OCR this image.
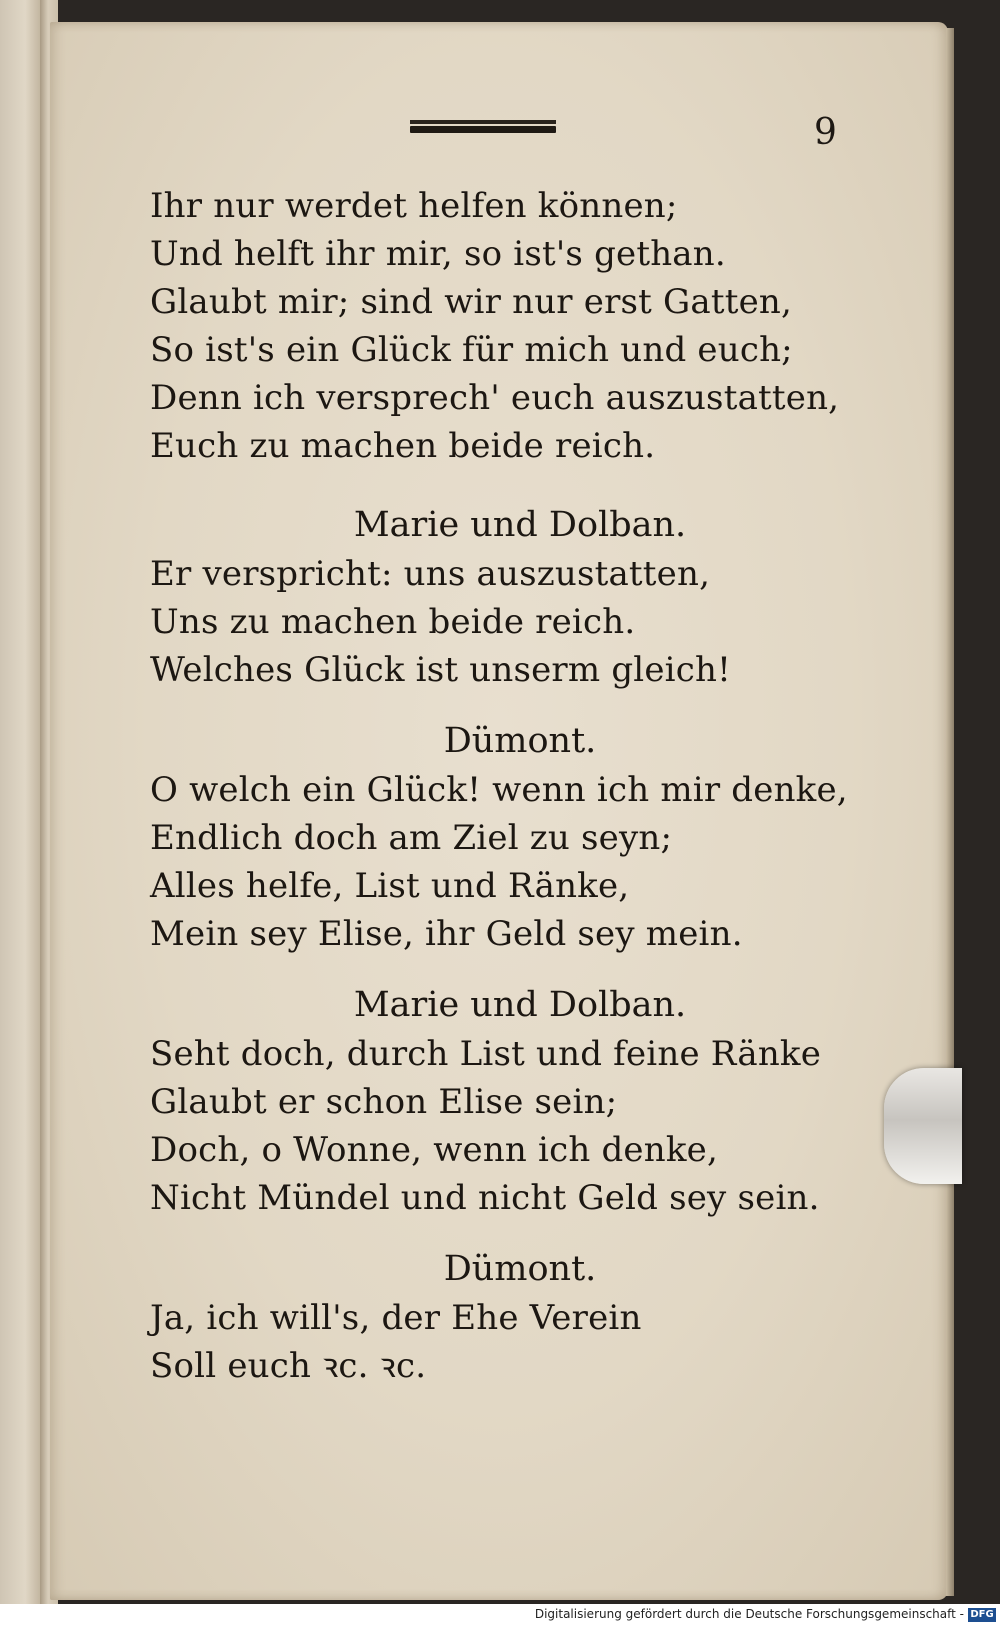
9
Ihr nur werdet helfen können;
Und helft ihr mir, so ist's gethan.
Glaubt mir; sind wir nur erst Gatten,
So ist's ein Glück für mich und euch;
Denn ich versprech' euch auszustatten,
Euch zu machen beide reich.
Marie und Dolban.
Er verspricht: uns auszustatten,
Uns zu machen beide reich.
Welches Glück ist unserm gleich!
Dümont.
O welch ein Glück! wenn ich mir denke,
Endlich doch am Ziel zu seyn;
Alles helfe, List und Ränke,
Mein sey Elise, ihr Geld sey mein.
Marie und Dolban.
Seht doch, durch List und feine Ränke
Glaubt er schon Elise sein;
Doch, o Wonne, wenn ich denke,
Nicht Mündel und nicht Geld sey sein.
Dümont.
Ja, ich will's, der Ehe Verein
Soll euch ꝛc. ꝛc.
Digitalisierung gefördert durch die Deutsche Forschungsgemeinschaft - DFG
